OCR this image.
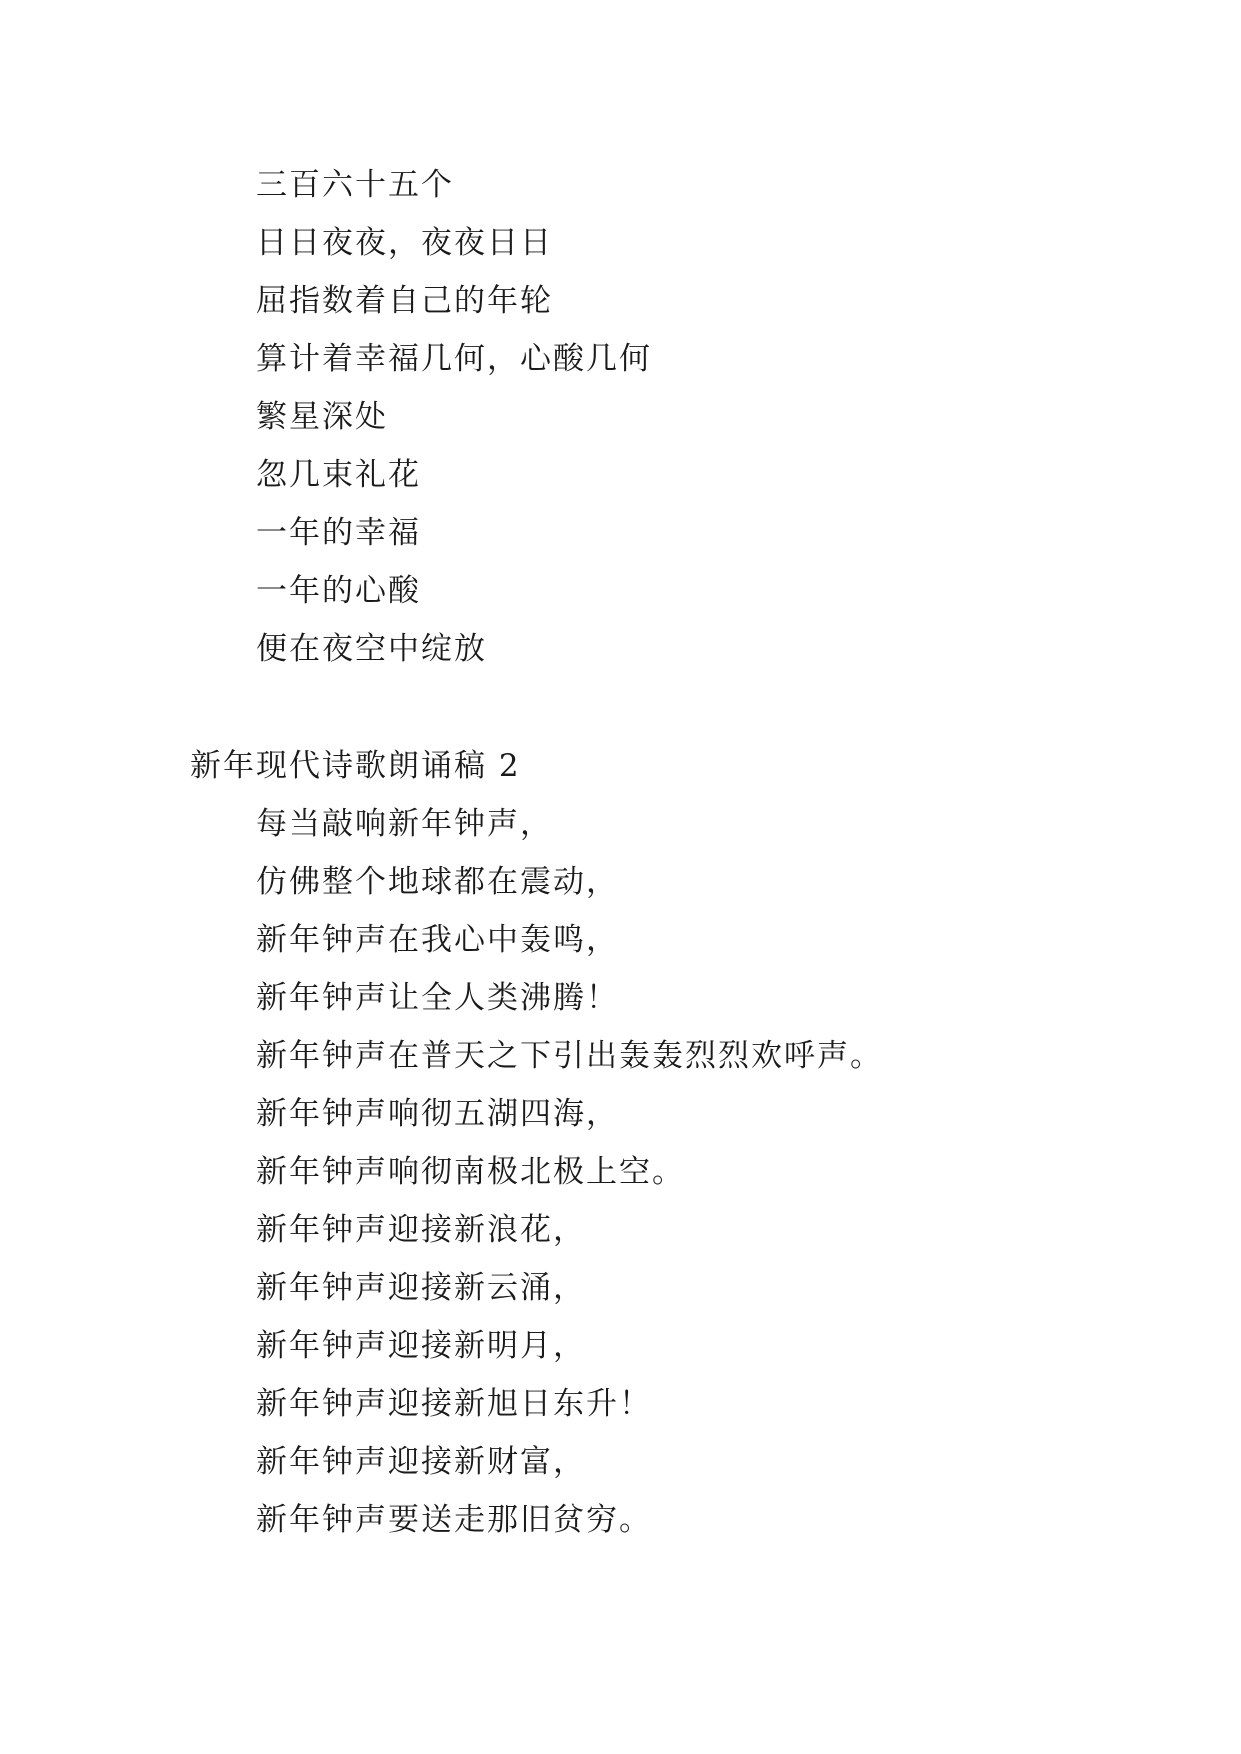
三百六十五个
日日夜夜，夜夜日日
屈指数着自己的年轮
算计着幸福几何，心酸几何
繁星深处
忽几束礼花
一年的幸福
一年的心酸
便在夜空中绽放
新年现代诗歌朗诵稿 2
每当敲响新年钟声，
仿佛整个地球都在震动，
新年钟声在我心中轰鸣，
新年钟声让全人类沸腾！
新年钟声在普天之下引出轰轰烈烈欢呼声。
新年钟声响彻五湖四海，
新年钟声响彻南极北极上空。
新年钟声迎接新浪花，
新年钟声迎接新云涌，
新年钟声迎接新明月，
新年钟声迎接新旭日东升！
新年钟声迎接新财富，
新年钟声要送走那旧贫穷。
